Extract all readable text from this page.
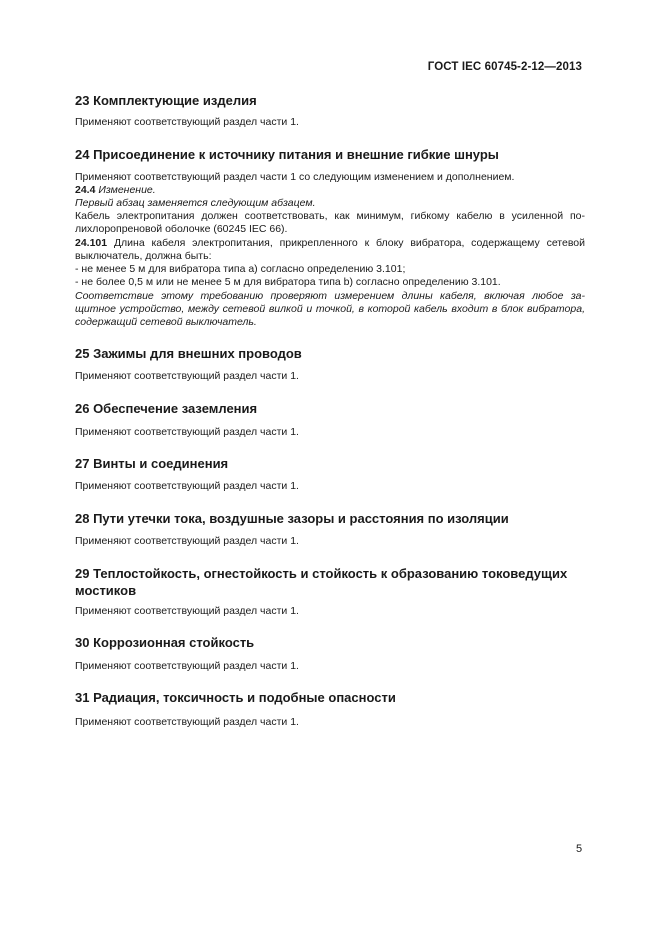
ГОСТ IEC 60745-2-12—2013
23 Комплектующие изделия
Применяют соответствующий раздел части 1.
24 Присоединение к источнику питания и внешние гибкие шнуры
Применяют соответствующий раздел части 1 со следующим изменением и дополнением.
24.4 Изменение.
Первый абзац заменяется следующим абзацем.
Кабель электропитания должен соответствовать, как минимум, гибкому кабелю в усиленной по-лихлоропреновой оболочке (60245 IEC 66).
24.101 Длина кабеля электропитания, прикрепленного к блоку вибратора, содержащему сетевой выключатель, должна быть:
- не менее 5 м для вибратора типа a) согласно определению 3.101;
- не более 0,5 м или не менее 5 м для вибратора типа b) согласно определению 3.101.
Соответствие этому требованию проверяют измерением длины кабеля, включая любое за-щитное устройство, между сетевой вилкой и точкой, в которой кабель входит в блок вибратора, содержащий сетевой выключатель.
25 Зажимы для внешних проводов
Применяют соответствующий раздел части 1.
26 Обеспечение заземления
Применяют соответствующий раздел части 1.
27 Винты и соединения
Применяют соответствующий раздел части 1.
28 Пути утечки тока, воздушные зазоры и расстояния по изоляции
Применяют соответствующий раздел части 1.
29 Теплостойкость, огнестойкость и стойкость к образованию токоведущих мостиков
Применяют соответствующий раздел части 1.
30 Коррозионная стойкость
Применяют соответствующий раздел части 1.
31 Радиация, токсичность и подобные опасности
Применяют соответствующий раздел части 1.
5
